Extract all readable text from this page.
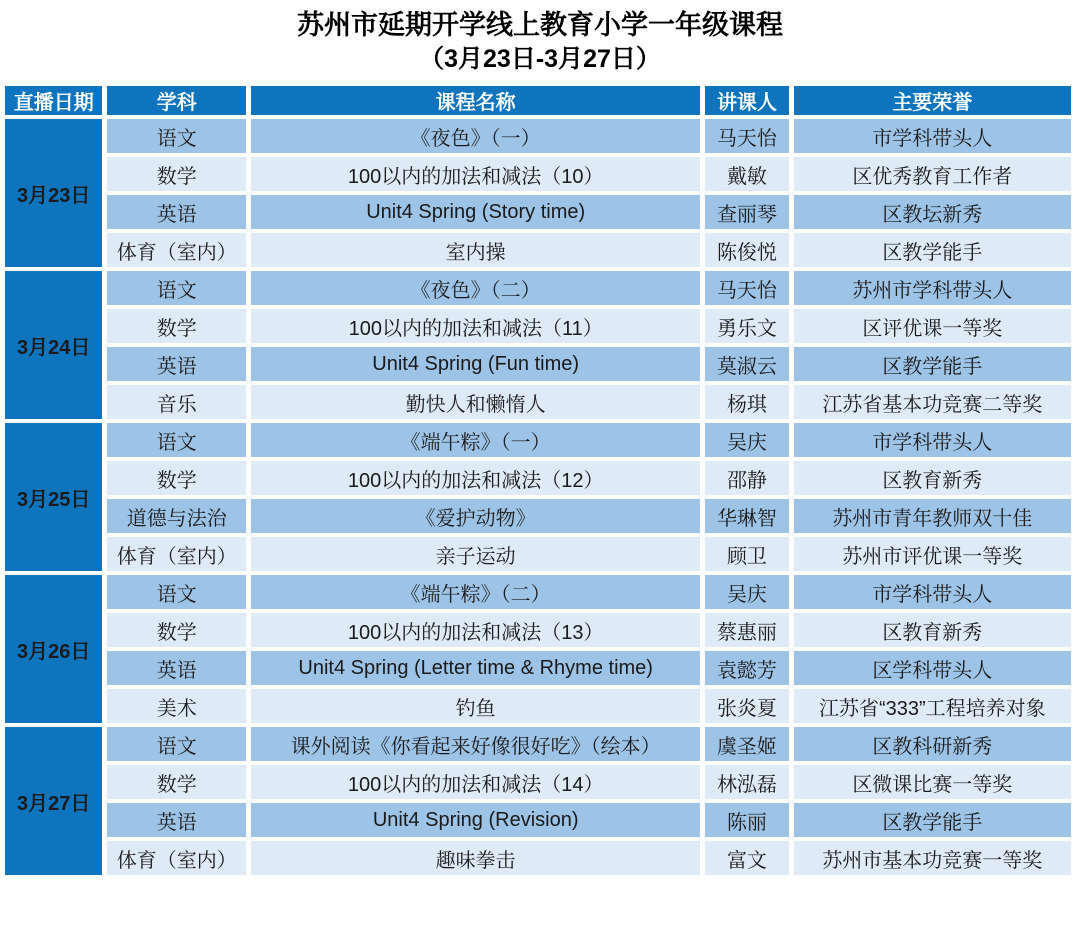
苏州市延期开学线上教育小学一年级课程
（3月23日-3月27日）
直播日期	学科	课程名称	讲课人	主要荣誉
3月23日	语文	《夜色》（一）	马天怡	市学科带头人
	数学	100以内的加法和减法（10）	戴敏	区优秀教育工作者
	英语	Unit4 Spring (Story time)	查丽琴	区教坛新秀
	体育（室内）	室内操	陈俊悦	区教学能手
3月24日	语文	《夜色》（二）	马天怡	苏州市学科带头人
	数学	100以内的加法和减法（11）	勇乐文	区评优课一等奖
	英语	Unit4 Spring (Fun time)	莫淑云	区教学能手
	音乐	勤快人和懒惰人	杨琪	江苏省基本功竞赛二等奖
3月25日	语文	《端午粽》（一）	吴庆	市学科带头人
	数学	100以内的加法和减法（12）	邵静	区教育新秀
	道德与法治	《爱护动物》	华琳智	苏州市青年教师双十佳
	体育（室内）	亲子运动	顾卫	苏州市评优课一等奖
3月26日	语文	《端午粽》（二）	吴庆	市学科带头人
	数学	100以内的加法和减法（13）	蔡惠丽	区教育新秀
	英语	Unit4 Spring (Letter time & Rhyme time)	袁懿芳	区学科带头人
	美术	钓鱼	张炎夏	江苏省“333”工程培养对象
3月27日	语文	课外阅读《你看起来好像很好吃》（绘本）	虞圣姬	区教科研新秀
	数学	100以内的加法和减法（14）	林泓磊	区微课比赛一等奖
	英语	Unit4 Spring (Revision)	陈丽	区教学能手
	体育（室内）	趣味拳击	富文	苏州市基本功竞赛一等奖
